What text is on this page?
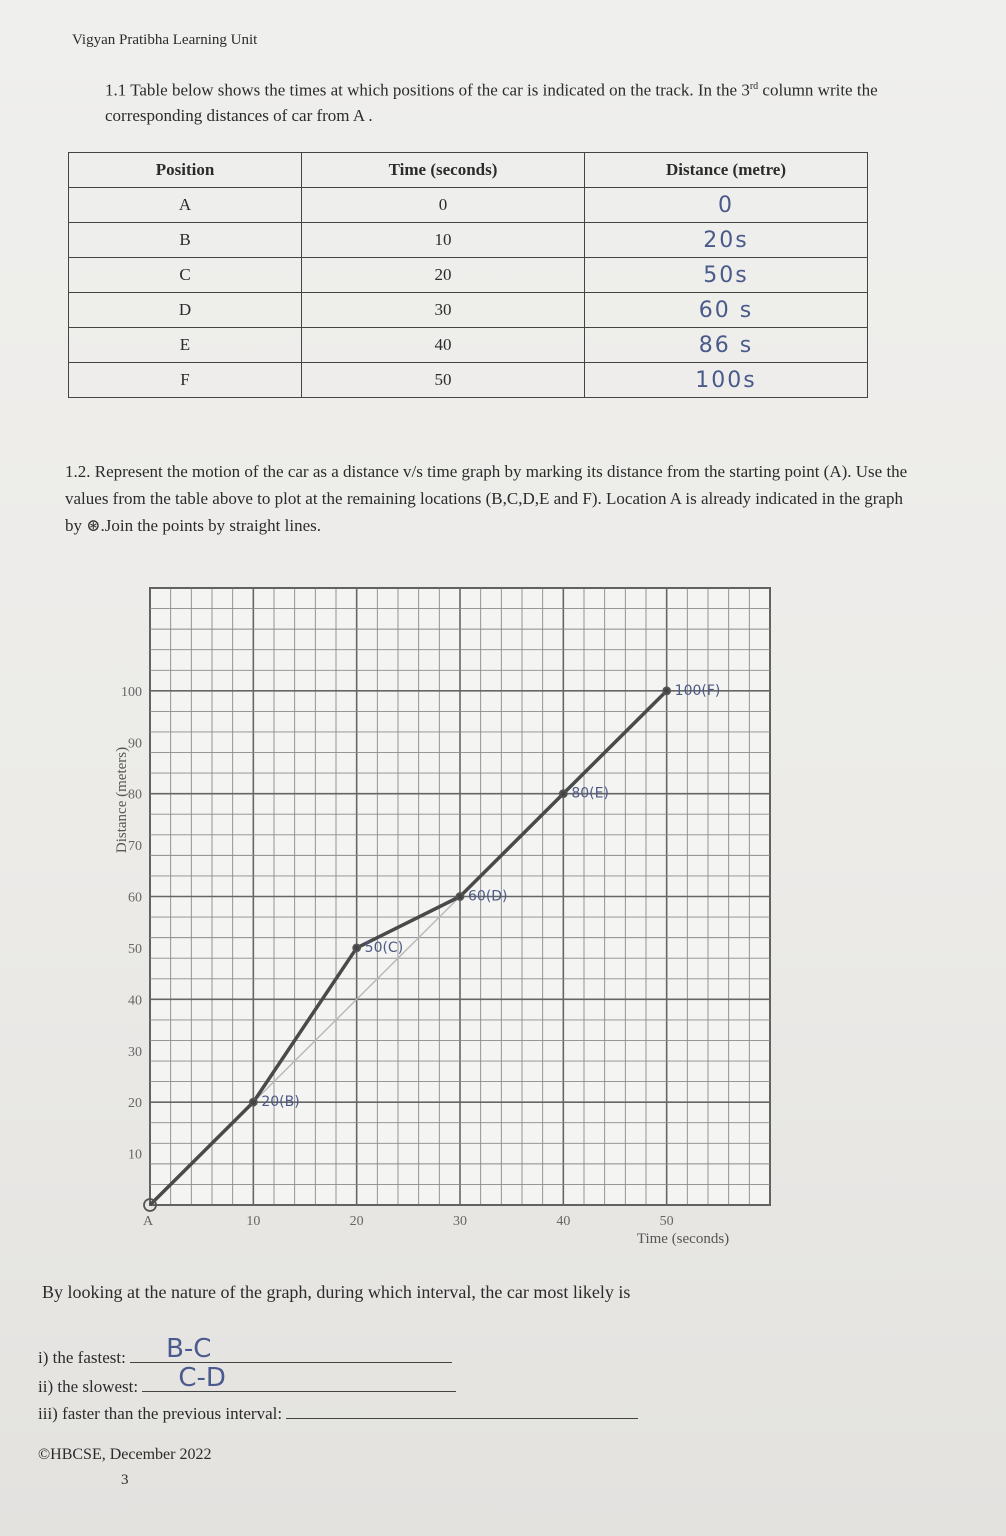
Vigyan Pratibha Learning Unit
1.1 Table below shows the times at which positions of the car is indicated on the track. In the 3rd column write the corresponding distances of car from A .
Position	Time (seconds)	Distance (metre)
A	0	0
B	10	20s
C	20	50s
D	30	60 s
E	40	86 s
F	50	100s
1.2. Represent the motion of the car as a distance v/s time graph by marking its distance from the starting point (A). Use the values from the table above to plot at the remaining locations (B,C,D,E and F). Location A is already indicated in the graph by ⊛.Join the points by straight lines.
A	10	20	30	40	50
10
20
30
40
50
60
70
80
90
100
20(B)
50(C)
60(D)
80(E)
100(F)
Distance (meters)
Time (seconds)
By looking at the nature of the graph, during which interval, the car most likely is
i) the fastest: B-C
ii) the slowest: C-D
iii) faster than the previous interval:
©HBCSE, December 2022
3
